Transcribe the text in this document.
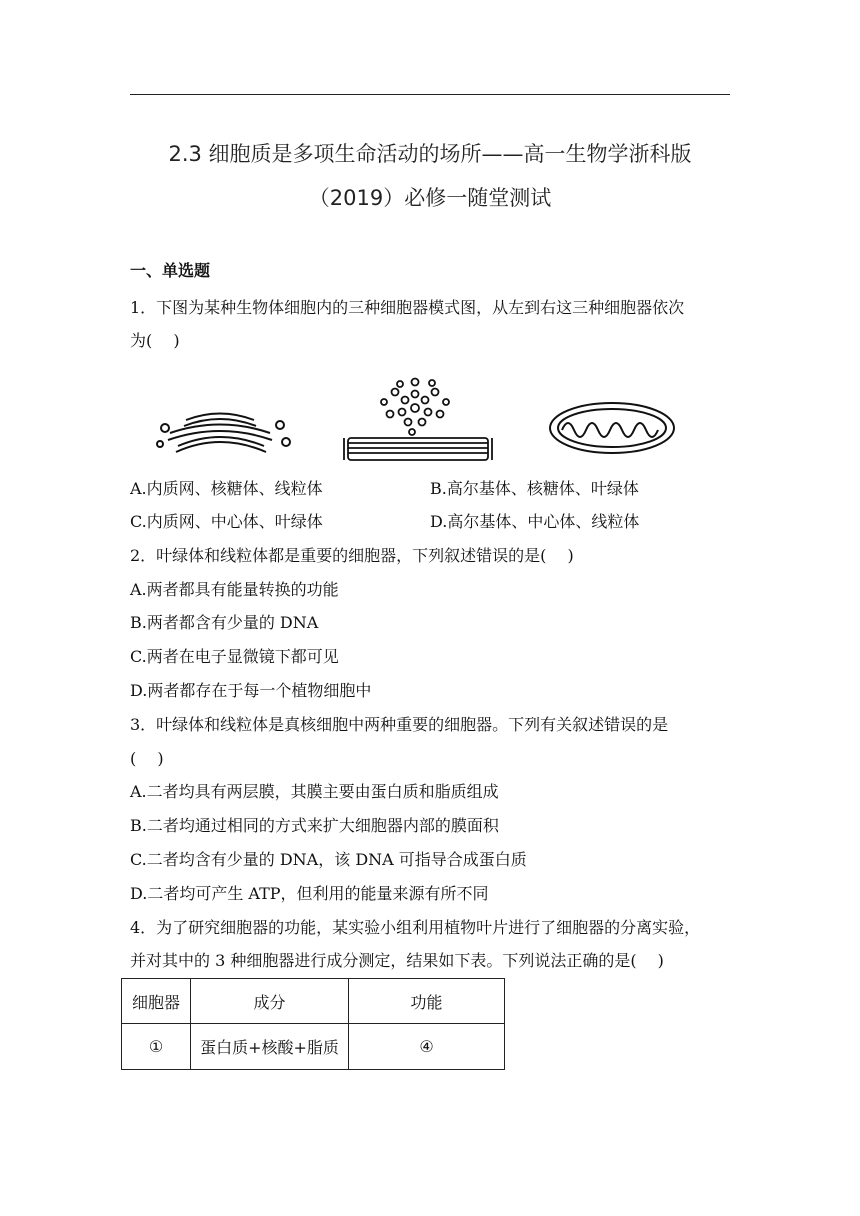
2.3 细胞质是多项生命活动的场所——高一生物学浙科版
（2019）必修一随堂测试
一、单选题
1．下图为某种生物体细胞内的三种细胞器模式图，从左到右这三种细胞器依次
为(　 )
A.内质网、核糖体、线粒体	B.高尔基体、核糖体、叶绿体
C.内质网、中心体、叶绿体	D.高尔基体、中心体、线粒体
2．叶绿体和线粒体都是重要的细胞器，下列叙述错误的是(　 )
A.两者都具有能量转换的功能
B.两者都含有少量的 DNA
C.两者在电子显微镜下都可见
D.两者都存在于每一个植物细胞中
3．叶绿体和线粒体是真核细胞中两种重要的细胞器。下列有关叙述错误的是
(　 )
A.二者均具有两层膜，其膜主要由蛋白质和脂质组成
B.二者均通过相同的方式来扩大细胞器内部的膜面积
C.二者均含有少量的 DNA，该 DNA 可指导合成蛋白质
D.二者均可产生 ATP，但利用的能量来源有所不同
4．为了研究细胞器的功能，某实验小组利用植物叶片进行了细胞器的分离实验，
并对其中的 3 种细胞器进行成分测定，结果如下表。下列说法正确的是(　 )
细胞器	成分	功能
①	蛋白质+核酸+脂质	④
